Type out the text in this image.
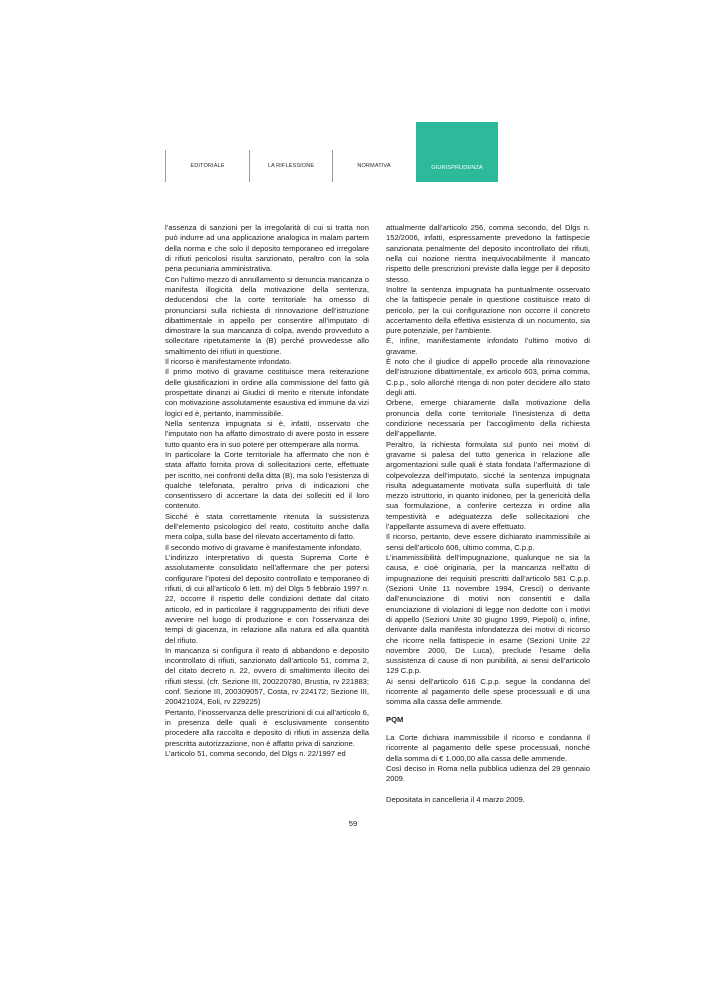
EDITORIALE	LA RIFLESSIONE	NORMATIVA	GIURISPRUDENZA

l’assenza di sanzioni per la irregolarità di cui si tratta non può indurre ad una applicazione analogica in malam partem della norma e che solo il deposito temporaneo ed irregolare di rifiuti pericolosi risulta sanzionato, peraltro con la sola pena pecuniaria amministrativa.

Con l’ultimo mezzo di annullamento si denuncia mancanza o manifesta illogicità della motivazione della sentenza, deducendosi che la corte territoriale ha omesso di pronunciarsi sulla richiesta di rinnovazione dell’istruzione dibattimentale in appello per consentire all’imputato di dimostrare la sua mancanza di colpa, avendo provveduto a sollecitare ripetutamente la (B) perché provvedesse allo smaltimento dei rifiuti in questione.

Il ricorso è manifestamente infondato.

Il primo motivo di gravame costituisce mera reiterazione delle giustificazioni in ordine alla commissione del fatto già prospettate dinanzi ai Giudici di merito e ritenute infondate con motivazione assolutamente esaustiva ed immune da vizi logici ed è, pertanto, inammissibile.

Nella sentenza impugnata si è, infatti, osservato che l’imputato non ha affatto dimostrato di avere posto in essere tutto quanto era in suo potere per ottemperare alla norma.

In particolare la Corte territoriale ha affermato che non è stata affatto fornita prova di sollecitazioni certe, effettuate per iscritto, nei confronti della ditta (B), ma solo l’esistenza di qualche telefonata, peraltro priva di indicazioni che consentissero di accertare la data dei solleciti ed il loro contenuto.

Sicché è stata correttamente ritenuta la sussistenza dell’elemento psicologico del reato, costituito anche dalla mera colpa, sulla base del rilevato accertamento di fatto.

Il secondo motivo di gravame è manifestamente infondato.

L’indirizzo interpretativo di questa Suprema Corte è assolutamente consolidato nell’affermare che per potersi configurare l’ipotesi del deposito controllato e temporaneo di rifiuti, di cui all’articolo 6 lett. m) del Dlgs 5 febbraio 1997 n. 22, occorre il rispetto delle condizioni dettate dal citato articolo, ed in particolare il raggruppamento dei rifiuti deve avvenire nel luogo di produzione e con l’osservanza dei tempi di giacenza, in relazione alla natura ed alla quantità del rifiuto.

In mancanza si configura il reato di abbandono e deposito incontrollato di rifiuti, sanzionato dall’articolo 51, comma 2, del citato decreto n. 22, ovvero di smaltimento illecito dei rifiuti stessi. (cfr. Sezione III, 200220780, Brustia, rv 221883; conf. Sezione III, 200309057, Costa, rv 224172; Sezione III, 200421024, Eoli, rv 229225)

Pertanto, l’inosservanza delle prescrizioni di cui all’articolo 6, in presenza delle quali è esclusivamente consentito procedere alla raccolta e deposito di rifiuti in assenza della prescritta autorizzazione, non è affatto priva di sanzione.

L’articolo 51, comma secondo, del Dlgs n. 22/1997 ed

attualmente dall’articolo 256, comma secondo, del Dlgs n. 152/2006, infatti, espressamente prevedono la fattispecie sanzionata penalmente del deposito incontrollato dei rifiuti, nella cui nozione rientra inequivocabilmente il mancato rispetto delle prescrizioni previste dalla legge per il deposito stesso.

Inoltre la sentenza impugnata ha puntualmente osservato che la fattispecie penale in questione costituisce reato di pericolo, per la cui configurazione non occorre il concreto accertamento della effettiva esistenza di un nocumento, sia pure potenziale, per l’ambiente.

È, infine, manifestamente infondato l’ultimo motivo di gravame.

È noto che il giudice di appello procede alla rinnovazione dell’istruzione dibattimentale, ex articolo 603, prima comma, C.p.p., solo allorché ritenga di non poter decidere allo stato degli atti.

Orbene, emerge chiaramente dalla motivazione della pronuncia della corte territoriale l’inesistenza di detta condizione necessaria per l’accoglimento della richiesta dell’appellante.

Peraltro, la richiesta formulata sul punto nei motivi di gravame si palesa del tutto generica in relazione alle argomentazioni sulle quali è stata fondata l’affermazione di colpevolezza dell’imputato, sicché la sentenza impugnata risulta adeguatamente motivata sulla superfluità di tale mezzo istruttorio, in quanto inidoneo, per la genericità della sua formulazione, a conferire certezza in ordine alla tempestività e adeguatezza delle sollecitazioni che l’appellante assumeva di avere effettuato.

Il ricorso, pertanto, deve essere dichiarato inammissibile ai sensi dell’articolo 606, ultimo comma, C.p.p.

L’inammissibilità dell’impugnazione, qualunque ne sia la causa, e cioè originaria, per la mancanza nell’atto di impugnazione dei requisiti prescritti dall’articolo 581 C.p.p. (Sezioni Unite 11 novembre 1994, Cresci) o derivante dall’enunciazione di motivi non consentiti e dalla enunciazione di violazioni di legge non dedotte con i motivi di appello (Sezioni Unite 30 giugno 1999, Piepoli) o, infine, derivante dalla manifesta infondatezza dei motivi di ricorso che ricorre nella fattispecie in esame (Sezioni Unite 22 novembre 2000, De Luca), preclude l’esame della sussistenza di cause di non punibilità, ai sensi dell’articolo 129 C.p.p.

Ai sensi dell’articolo 616 C.p.p. segue la condanna del ricorrente al pagamento delle spese processuali e di una somma alla cassa delle ammende.

PQM

La Corte dichiara inammissibile il ricorso e condanna il ricorrente al pagamento delle spese processuali, nonché della somma di € 1.000,00 alla cassa delle ammende.

Così deciso in Roma nella pubblica udienza del 29 gennaio 2009.

Depositata in cancelleria il 4 marzo 2009.

59
